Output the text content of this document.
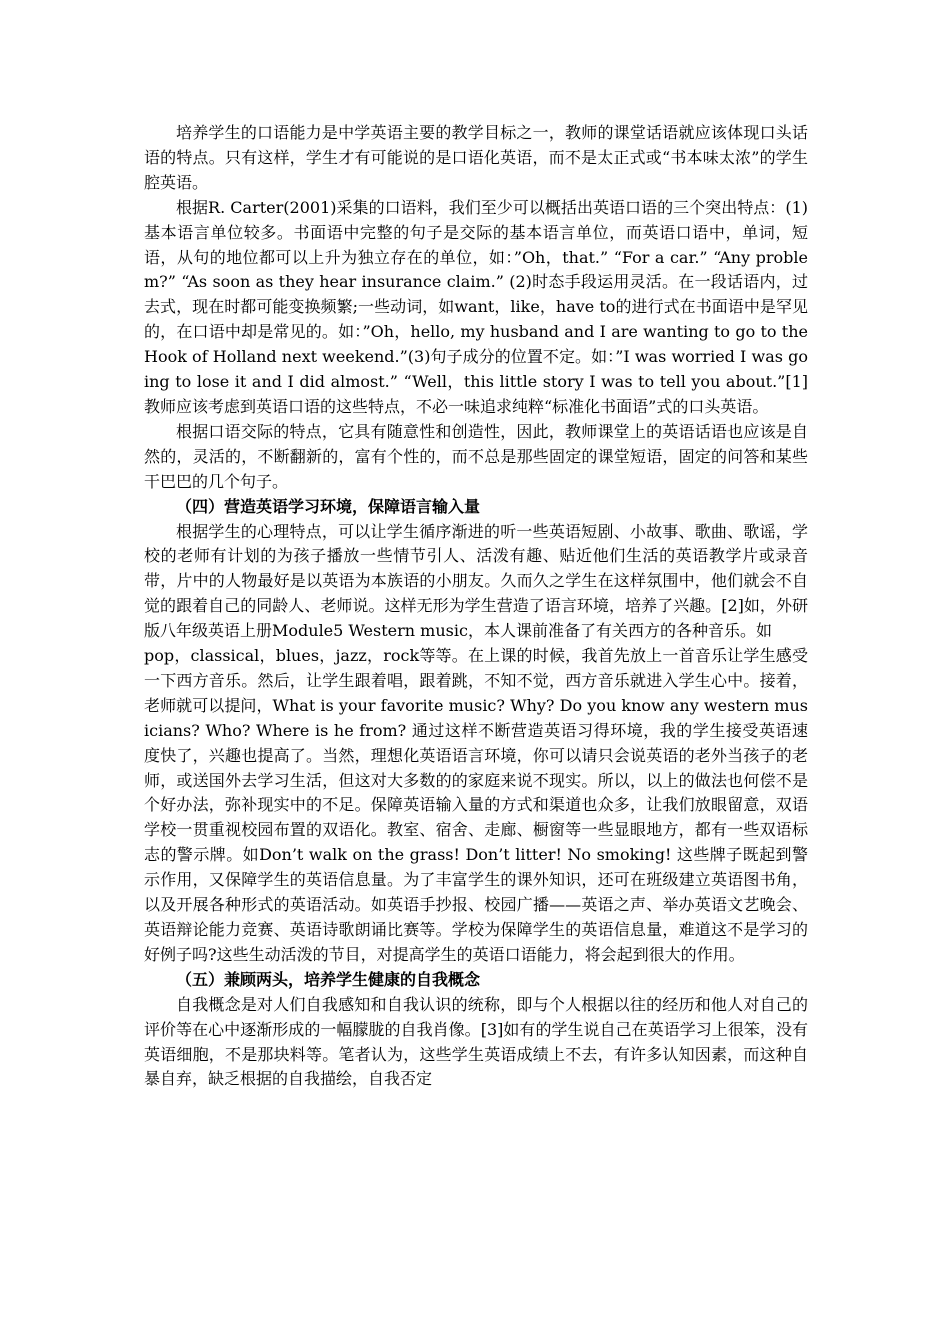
培养学生的口语能力是中学英语主要的教学目标之一，教师的课堂话语就应该体现口头话语的特点。只有这样，学生才有可能说的是口语化英语，而不是太正式或“书本味太浓”的学生腔英语。

根据R. Carter(2001)采集的口语料，我们至少可以概括出英语口语的三个突出特点：(1)基本语言单位较多。书面语中完整的句子是交际的基本语言单位，而英语口语中，单词，短语，从句的地位都可以上升为独立存在的单位，如：”Oh，that.” “For a car.” “Any problem?” “As soon as they hear insurance claim.” (2)时态手段运用灵活。在一段话语内，过去式，现在时都可能变换频繁;一些动词，如want，like，have to的进行式在书面语中是罕见的，在口语中却是常见的。如：”Oh，hello, my husband and I are wanting to go to the Hook of Holland next weekend.”(3)句子成分的位置不定。如：”I was worried I was going to lose it and I did almost.” “Well，this little story I was to tell you about.”[1]教师应该考虑到英语口语的这些特点，不必一味追求纯粹“标准化书面语”式的口头英语。

根据口语交际的特点，它具有随意性和创造性，因此，教师课堂上的英语话语也应该是自然的，灵活的，不断翻新的，富有个性的，而不总是那些固定的课堂短语，固定的问答和某些干巴巴的几个句子。

（四）营造英语学习环境，保障语言输入量

根据学生的心理特点，可以让学生循序渐进的听一些英语短剧、小故事、歌曲、歌谣，学校的老师有计划的为孩子播放一些情节引人、活泼有趣、贴近他们生活的英语教学片或录音带，片中的人物最好是以英语为本族语的小朋友。久而久之学生在这样氛围中，他们就会不自觉的跟着自己的同龄人、老师说。这样无形为学生营造了语言环境，培养了兴趣。[2]如，外研版八年级英语上册Module5 Western music，本人课前准备了有关西方的各种音乐。如

pop，classical，blues，jazz，rock等等。在上课的时候，我首先放上一首音乐让学生感受一下西方音乐。然后，让学生跟着唱，跟着跳，不知不觉，西方音乐就进入学生心中。接着，老师就可以提问，What is your favorite music? Why? Do you know any western musicians? Who? Where is he from? 通过这样不断营造英语习得环境，我的学生接受英语速度快了，兴趣也提高了。当然，理想化英语语言环境，你可以请只会说英语的老外当孩子的老师，或送国外去学习生活，但这对大多数的的家庭来说不现实。所以，以上的做法也何偿不是个好办法，弥补现实中的不足。保障英语输入量的方式和渠道也众多，让我们放眼留意，双语学校一贯重视校园布置的双语化。教室、宿舍、走廊、橱窗等一些显眼地方，都有一些双语标志的警示牌。如Don’t walk on the grass! Don’t litter! No smoking! 这些牌子既起到警示作用，又保障学生的英语信息量。为了丰富学生的课外知识，还可在班级建立英语图书角，以及开展各种形式的英语活动。如英语手抄报、校园广播——英语之声、举办英语文艺晚会、英语辩论能力竞赛、英语诗歌朗诵比赛等。学校为保障学生的英语信息量，难道这不是学习的好例子吗?这些生动活泼的节目，对提高学生的英语口语能力，将会起到很大的作用。

（五）兼顾两头，培养学生健康的自我概念

自我概念是对人们自我感知和自我认识的统称，即与个人根据以往的经历和他人对自己的评价等在心中逐渐形成的一幅朦胧的自我肖像。[3]如有的学生说自己在英语学习上很笨，没有英语细胞，不是那块料等。笔者认为，这些学生英语成绩上不去，有许多认知因素，而这种自暴自弃，缺乏根据的自我描绘，自我否定
